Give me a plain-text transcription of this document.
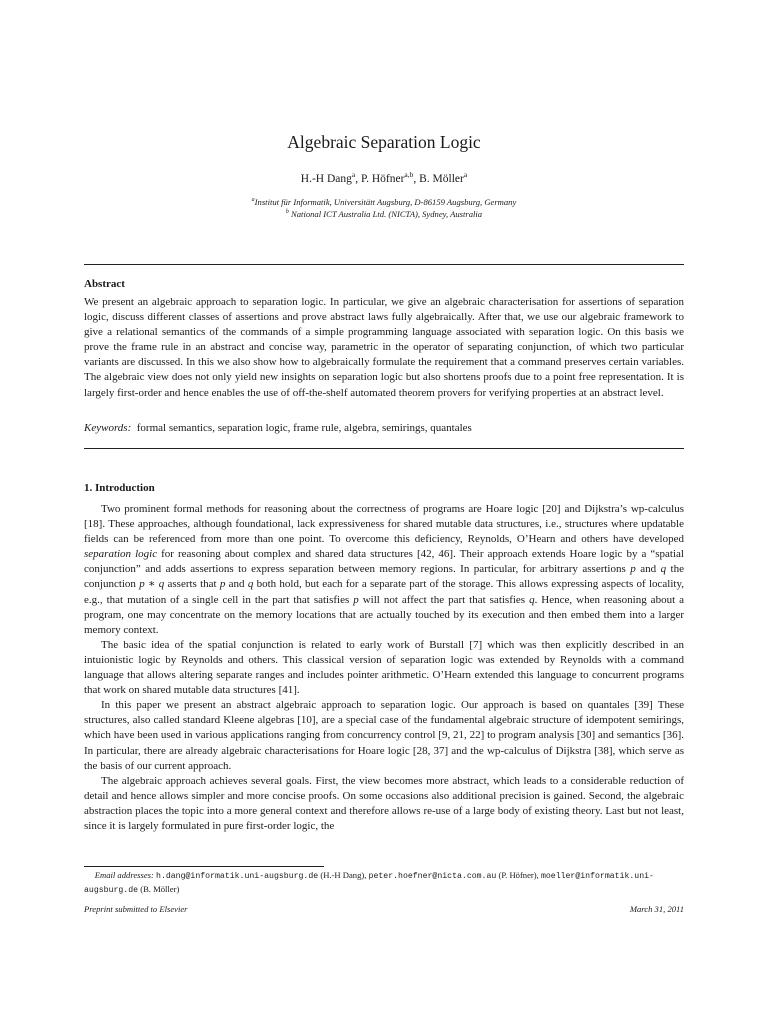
Algebraic Separation Logic
H.-H Dang$^a$, P. Höfner$^{a,b}$, B. Möller$^a$
$^a$Institut für Informatik, Universitätt Augsburg, D-86159 Augsburg, Germany
$^b$ National ICT Australia Ltd. (NICTA), Sydney, Australia
Abstract

We present an algebraic approach to separation logic. In particular, we give an algebraic characterisation for assertions of separation logic, discuss different classes of assertions and prove abstract laws fully algebraically. After that, we use our algebraic framework to give a relational semantics of the commands of a simple programming language associated with separation logic. On this basis we prove the frame rule in an abstract and concise way, parametric in the operator of separating conjunction, of which two particular variants are discussed. In this we also show how to algebraically formulate the requirement that a command preserves certain variables. The algebraic view does not only yield new insights on separation logic but also shortens proofs due to a point free representation. It is largely first-order and hence enables the use of off-the-shelf automated theorem provers for verifying properties at an abstract level.

Keywords: formal semantics, separation logic, frame rule, algebra, semirings, quantales

1. Introduction

Two prominent formal methods for reasoning about the correctness of programs are Hoare logic [20] and Dijkstra’s wp-calculus [18]. These approaches, although foundational, lack expressiveness for shared mutable data structures, i.e., structures where updatable fields can be referenced from more than one point. To overcome this deficiency, Reynolds, O’Hearn and others have developed separation logic for reasoning about complex and shared data structures [42, 46]. Their approach extends Hoare logic by a “spatial conjunction” and adds assertions to express separation between memory regions. In particular, for arbitrary assertions p and q the conjunction p ∗ q asserts that p and q both hold, but each for a separate part of the storage. This allows expressing aspects of locality, e.g., that mutation of a single cell in the part that satisfies p will not affect the part that satisfies q. Hence, when reasoning about a program, one may concentrate on the memory locations that are actually touched by its execution and then embed them into a larger memory context.

The basic idea of the spatial conjunction is related to early work of Burstall [7] which was then explicitly described in an intuionistic logic by Reynolds and others. This classical version of separation logic was extended by Reynolds with a command language that allows altering separate ranges and includes pointer arithmetic. O’Hearn extended this language to concurrent programs that work on shared mutable data structures [41].

In this paper we present an abstract algebraic approach to separation logic. Our approach is based on quantales [39] These structures, also called standard Kleene algebras [10], are a special case of the fundamental algebraic structure of idempotent semirings, which have been used in various applications ranging from concurrency control [9, 21, 22] to program analysis [30] and semantics [36]. In particular, there are already algebraic characterisations for Hoare logic [28, 37] and the wp-calculus of Dijkstra [38], which serve as the basis of our current approach.

The algebraic approach achieves several goals. First, the view becomes more abstract, which leads to a considerable reduction of detail and hence allows simpler and more concise proofs. On some occasions also additional precision is gained. Second, the algebraic abstraction places the topic into a more general context and therefore allows re-use of a large body of existing theory. Last but not least, since it is largely formulated in pure first-order logic, the

Email addresses: h.dang@informatik.uni-augsburg.de (H.-H Dang), peter.hoefner@nicta.com.au (P. Höfner), moeller@informatik.uni-augsburg.de (B. Möller)
Preprint submitted to Elsevier	March 31, 2011
